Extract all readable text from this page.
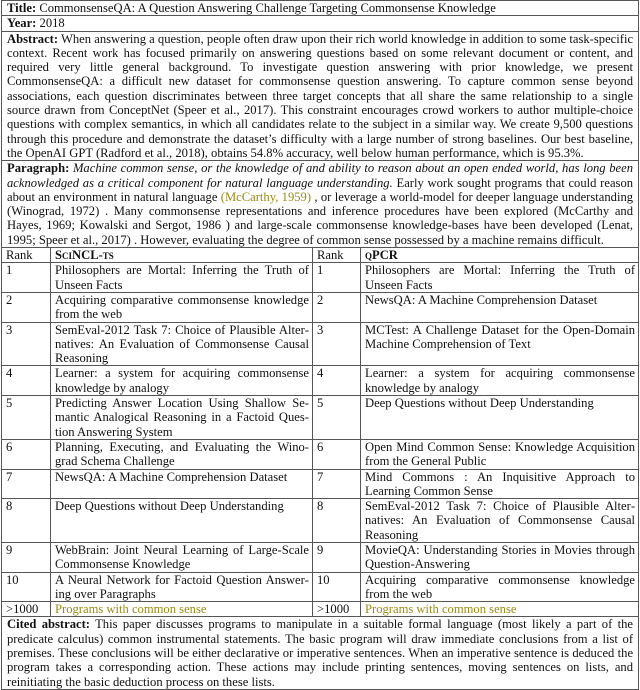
Title: CommonsenseQA: A Question Answering Challenge Targeting Commonsense Knowledge			
Year: 2018			
Abstract: When answering a question, people often draw upon their rich world knowledge in addition to some task-specific context. Recent work has focused primarily on answering questions based on some relevant document or content, and required very little general background. To investigate question answering with prior knowledge, we present CommonsenseQA: a difficult new dataset for commonsense question answering. To capture common sense beyond associations, each question discriminates between three target concepts that all share the same relationship to a single source drawn from ConceptNet (Speer et al., 2017). This constraint encourages crowd workers to author multiple-choice questions with complex semantics, in which all candidates relate to the subject in a similar way. We create 9,500 questions through this procedure and demonstrate the dataset’s difficulty with a large number of strong baselines. Our best baseline, the OpenAI GPT (Radford et al., 2018), obtains 54.8% accuracy, well below human performance, which is 95.3%.			
Paragraph: Machine common sense, or the knowledge of and ability to reason about an open ended world, has long been acknowledged as a critical component for natural language understanding. Early work sought programs that could reason about an environment in natural language (McCarthy, 1959) , or leverage a world-model for deeper language understanding (Winograd, 1972) . Many commonsense representations and inference procedures have been explored (McCarthy and Hayes, 1969; Kowalski and Sergot, 1986 ) and large-scale commonsense knowledge-bases have been developed (Lenat, 1995; Speer et al., 2017) . However, evaluating the degree of common sense possessed by a machine remains difficult.			
Rank	SciNCL-ts	Rank	qPCR
1	Philosophers are Mortal: Inferring the Truth of Unseen Facts	1	Philosophers are Mortal: Inferring the Truth of Unseen Facts
2	Acquiring comparative commonsense knowledge from the web	2	NewsQA: A Machine Comprehension Dataset
3	SemEval-2012 Task 7: Choice of Plausible Alternatives: An Evaluation of Commonsense Causal Reasoning	3	MCTest: A Challenge Dataset for the Open-Domain Machine Comprehension of Text
4	Learner: a system for acquiring commonsense knowledge by analogy	4	Learner: a system for acquiring commonsense knowledge by analogy
5	Predicting Answer Location Using Shallow Semantic Analogical Reasoning in a Factoid Question Answering System	5	Deep Questions without Deep Understanding
6	Planning, Executing, and Evaluating the Winograd Schema Challenge	6	Open Mind Common Sense: Knowledge Acquisition from the General Public
7	NewsQA: A Machine Comprehension Dataset	7	Mind Commons : An Inquisitive Approach to Learning Common Sense
8	Deep Questions without Deep Understanding	8	SemEval-2012 Task 7: Choice of Plausible Alternatives: An Evaluation of Commonsense Causal Reasoning
9	WebBrain: Joint Neural Learning of Large-Scale Commonsense Knowledge	9	MovieQA: Understanding Stories in Movies through Question-Answering
10	A Neural Network for Factoid Question Answering over Paragraphs	10	Acquiring comparative commonsense knowledge from the web
>1000	Programs with common sense	>1000	Programs with common sense
Cited abstract: This paper discusses programs to manipulate in a suitable formal language (most likely a part of the predicate calculus) common instrumental statements. The basic program will draw immediate conclusions from a list of premises. These conclusions will be either declarative or imperative sentences. When an imperative sentence is deduced the program takes a corresponding action. These actions may include printing sentences, moving sentences on lists, and reinitiating the basic deduction process on these lists.			
